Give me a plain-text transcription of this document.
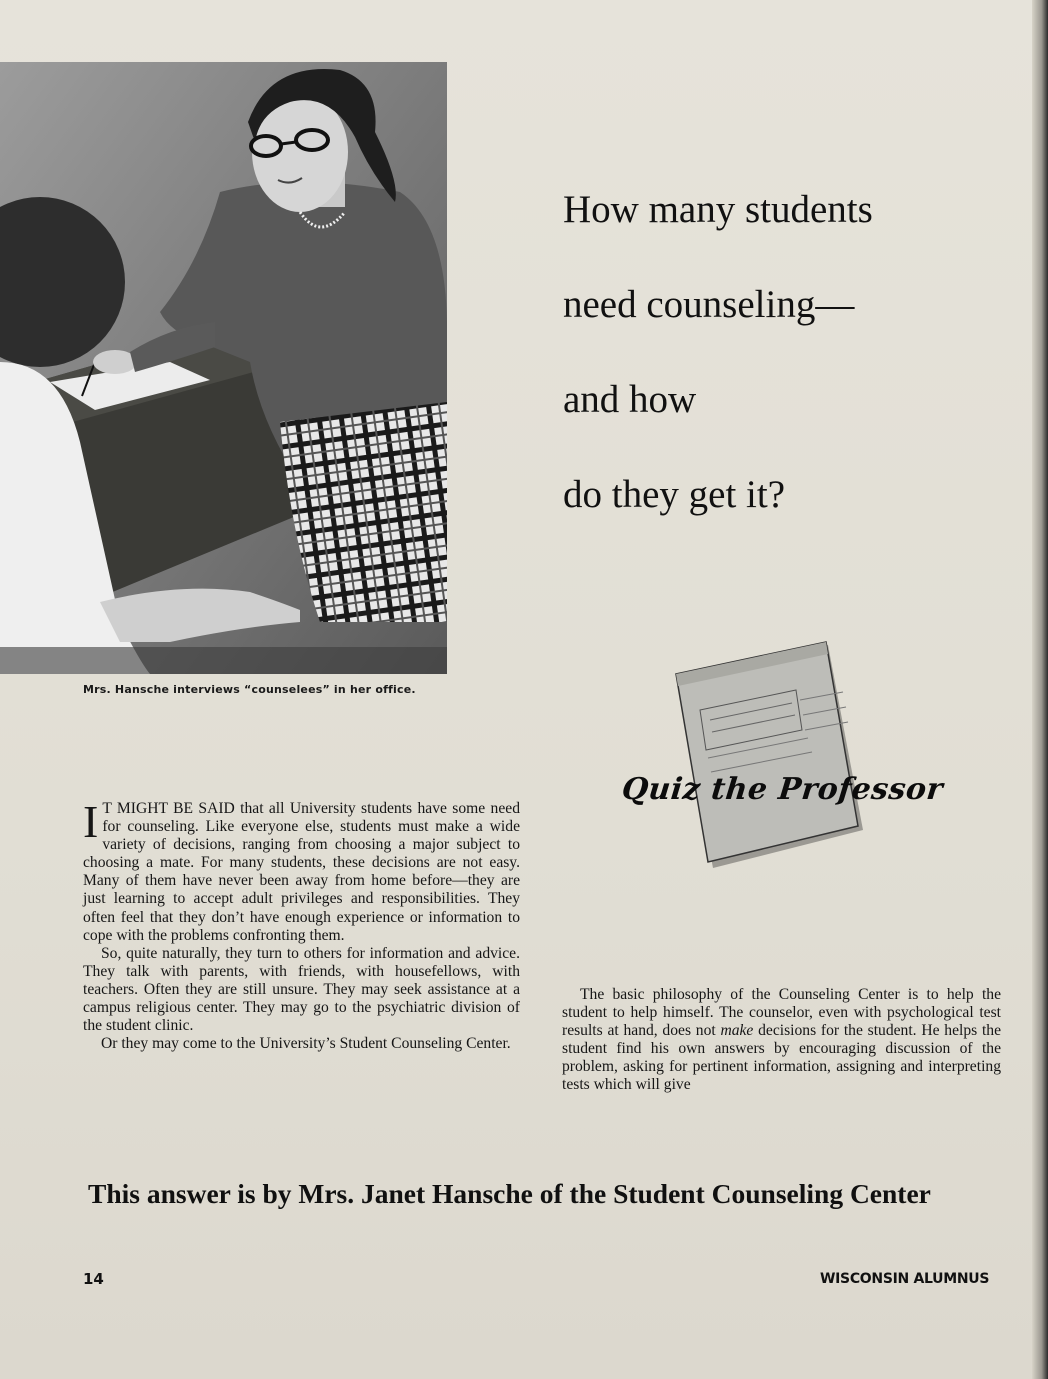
Mrs. Hansche interviews “counselees” in her office.
How many students
need counseling—
and how
do they get it?
Quiz the Professor

I T MIGHT BE SAID that all University students have some need for counseling. Like everyone else, students must make a wide variety of decisions, ranging from choosing a major subject to choosing a mate. For many students, these decisions are not easy. Many of them have never been away from home before—they are just learning to accept adult privileges and responsibilities. They often feel that they don’t have enough experience or information to cope with the problems confronting them.

So, quite naturally, they turn to others for information and advice. They talk with parents, with friends, with housefellows, with teachers. Often they are still unsure. They may seek assistance at a campus religious center. They may go to the psychiatric division of the student clinic.

Or they may come to the University’s Student Counseling Center.

The basic philosophy of the Counseling Center is to help the student to help himself. The counselor, even with psychological test results at hand, does not make decisions for the student. He helps the student find his own answers by encouraging discussion of the problem, asking for pertinent information, assigning and interpreting tests which will give
This answer is by Mrs. Janet Hansche of the Student Counseling Center
14	WISCONSIN ALUMNUS
